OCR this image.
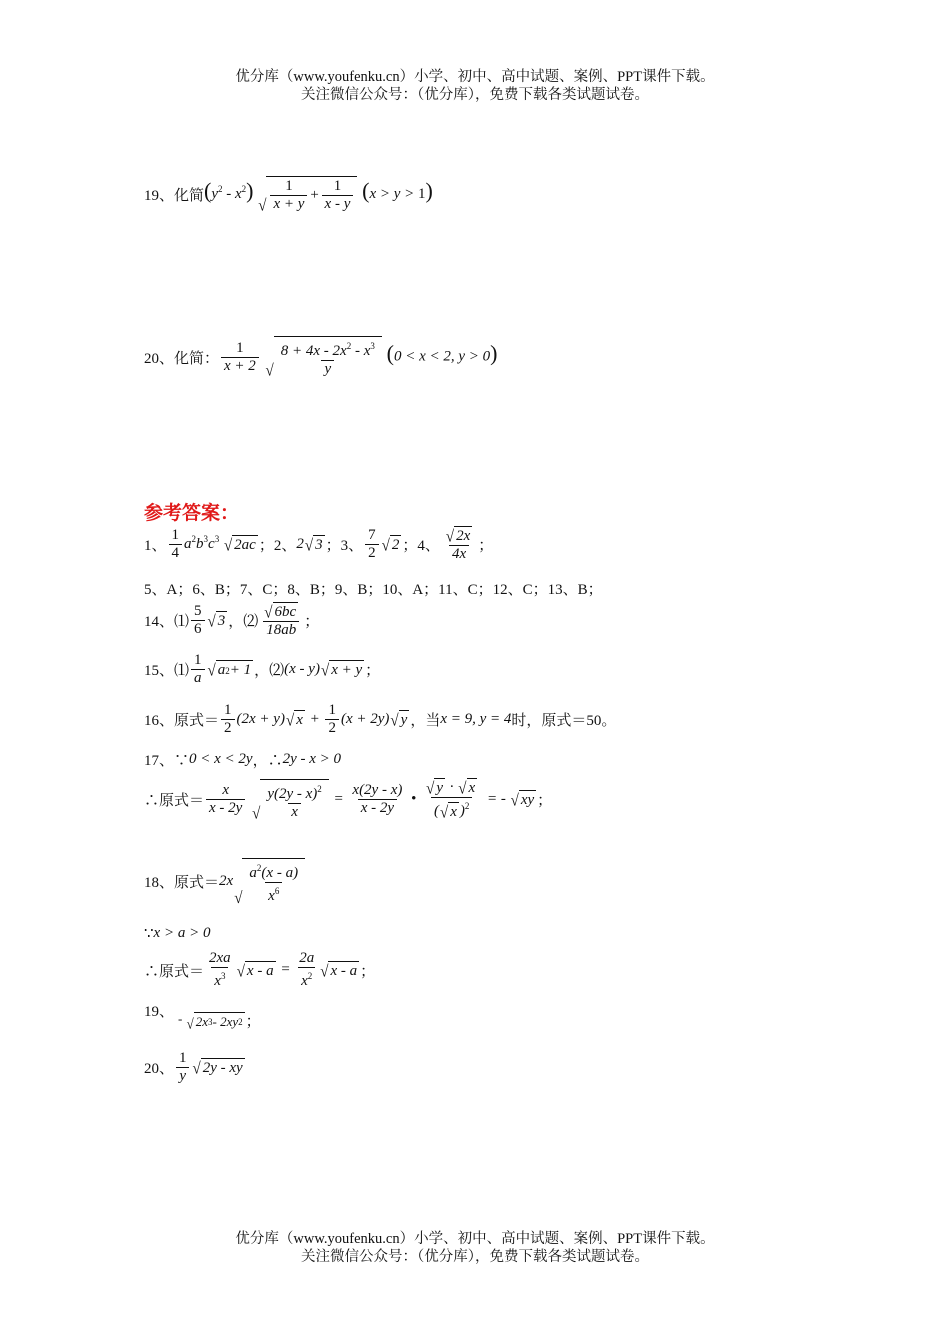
优分库（www.youfenku.cn）小学、初中、高中试题、案例、PPT课件下载。
关注微信公众号：（优分库），免费下载各类试题试卷。
19、化简 $(y^2 - x^2)$
√ $\frac{1}{x + y} + \frac{1}{x - y} (x > y > 1)$
20、化简： $\frac{1}{x + 2}$
√ $\frac{8 + 4x - 2x^2 - x^3}{y} (0 < x < 2$, y > 0)
参考答案：
1、 $\frac{1}{4} a^2b^3c^3$ √ 2ac ；2、 2 √ 3 ；3、 $\frac{7}{2}$ √ 2 ；4、 $\frac{√ 2x}{4x}$ ；
5、A；6、B；7、C；8、B；9、B；10、A；11、C；12、C；13、B；
14、 ⑴ $\frac{5}{6}$ √ 3 ，⑵ $\frac{√ 6bc}{18ab}$ ；
15、 ⑴ $\frac{1}{a}$ √ a 2 + 1 ，⑵ (x - y) √ x + y ；
16、原式＝ $\frac{1}{2} (2x + y)$ √ $x + \frac{1}{2} (x + 2y)$ √ y ，当 x = 9, y = 4 时，原式＝50。
17、∵ 0 < x < 2y ，∴ 2y - x > 0
∴原式＝ $\frac{x}{x - 2y}$
√ $\frac{y(2y - x)^2}{x} = \frac{x(2y - x)}{x - 2y}$ • $\frac{√ y \cdot √ x}{( √ x )^2}$ = - √ xy ；
18、原式＝ 2x
√ $\frac{a^2(x - a)}{x^6}$
∵ x > a > 0
∴原式＝ $\frac{2xa}{x^3}$ √ $x - a = \frac{2a}{x^2}$ √ x - a ；
19、 - √ 2x 3 - 2xy 2 ；
20、 $\frac{1}{y}$ √ 2y - xy
优分库（www.youfenku.cn）小学、初中、高中试题、案例、PPT课件下载。
关注微信公众号：（优分库），免费下载各类试题试卷。
